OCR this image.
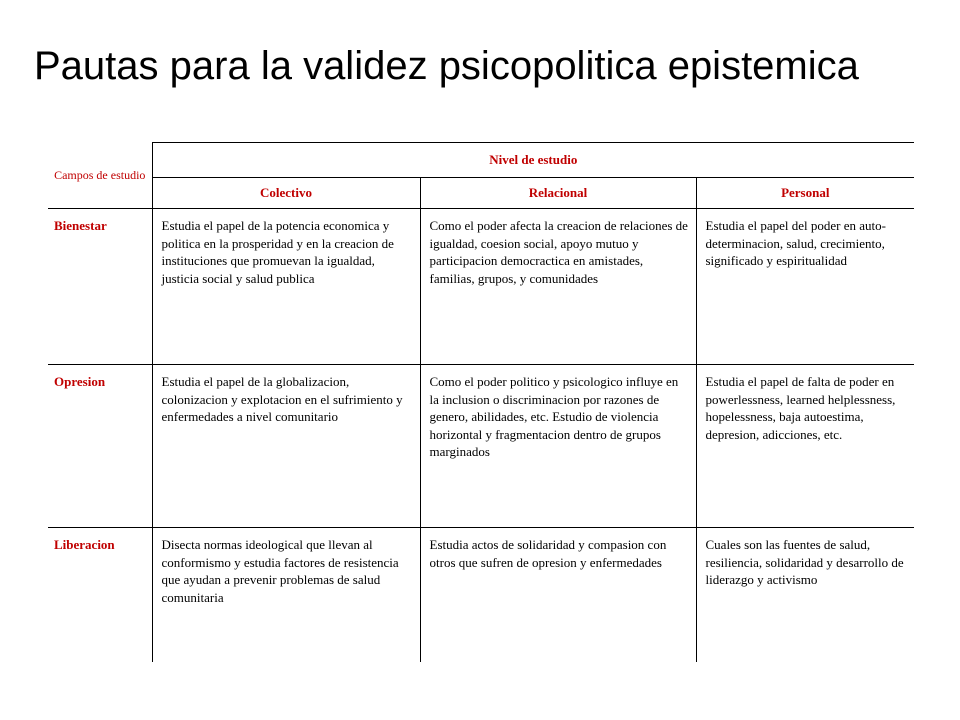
Pautas para la validez psicopolitica epistemica
Campos de estudio	Nivel de estudio		
	Colectivo	Relacional	Personal
Bienestar	Estudia el papel de la potencia economica y politica en la prosperidad y en la creacion de instituciones que promuevan la igualdad, justicia social y salud publica	Como el poder afecta la creacion de relaciones de igualdad, coesion social, apoyo mutuo y participacion democractica en amistades, familias, grupos, y comunidades	Estudia el papel del poder en auto-determinacion, salud, crecimiento, significado y espiritualidad
Opresion	Estudia el papel de la globalizacion, colonizacion y explotacion en el sufrimiento y enfermedades a nivel comunitario	Como el poder politico y psicologico influye en la inclusion o discriminacion por razones de genero, abilidades, etc. Estudio de violencia horizontal y fragmentacion dentro de grupos marginados	Estudia el papel de falta de poder en powerlessness, learned helplessness, hopelessness, baja autoestima, depresion, adicciones, etc.
Liberacion	Disecta normas ideological que llevan al conformismo y estudia factores de resistencia que ayudan a prevenir problemas de salud comunitaria	Estudia actos de solidaridad y compasion con otros que sufren de opresion y enfermedades	Cuales son las fuentes de salud, resiliencia, solidaridad y desarrollo de liderazgo y activismo
